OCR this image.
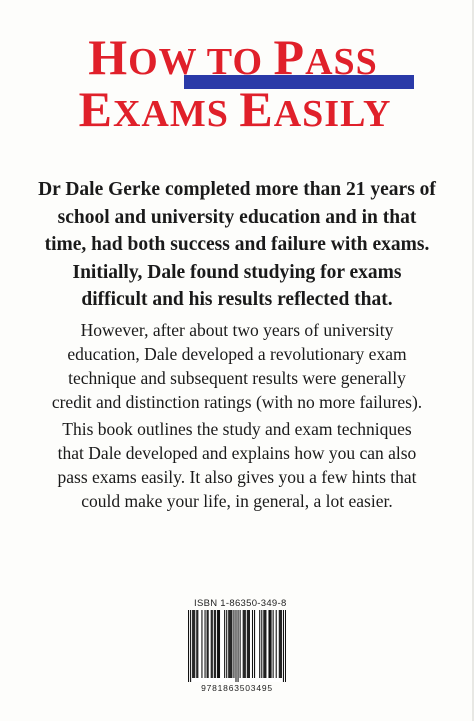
HOW TO PASS
EXAMS EASILY
Dr Dale Gerke completed more than 21 years of
school and university education and in that
time, had both success and failure with exams.
Initially, Dale found studying for exams
difficult and his results reflected that.
However, after about two years of university
education, Dale developed a revolutionary exam
technique and subsequent results were generally
credit and distinction ratings (with no more failures).
This book outlines the study and exam techniques
that Dale developed and explains how you can also
pass exams easily. It also gives you a few hints that
could make your life, in general, a lot easier.
ISBN 1-86350-349-8
9781863503495
